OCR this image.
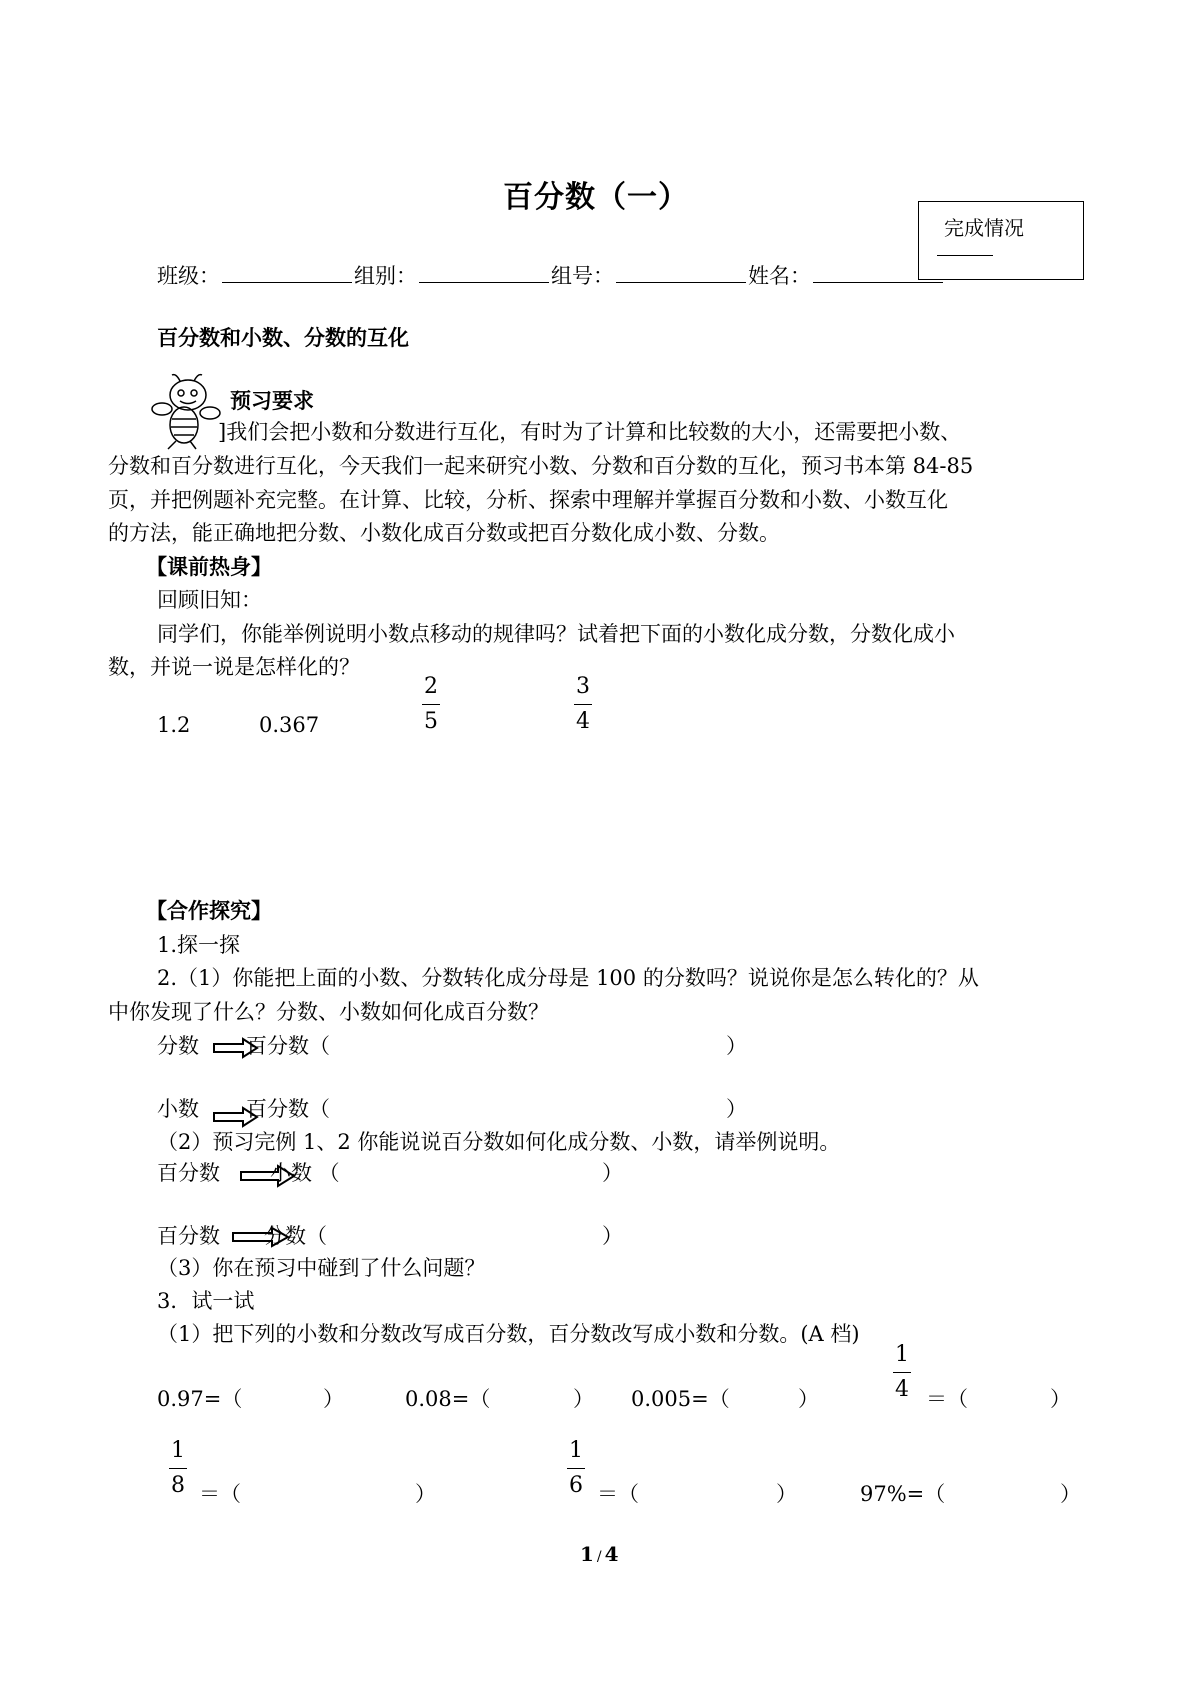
百分数（一）
完成情况
班级：	组别：	组号：	姓名：
百分数和小数、分数的互化
预习要求
]我们会把小数和分数进行互化，有时为了计算和比较数的大小，还需要把小数、
分数和百分数进行互化，今天我们一起来研究小数、分数和百分数的互化，预习书本第 84-85
页，并把例题补充完整。在计算、比较，分析、探索中理解并掌握百分数和小数、小数互化
的方法，能正确地把分数、小数化成百分数或把百分数化成小数、分数。
【课前热身】
回顾旧知：
同学们，你能举例说明小数点移动的规律吗？试着把下面的小数化成分数，分数化成小
数，并说一说是怎样化的？
1.2	0.367
2
5
3
4
【合作探究】
1.探一探
2.（1）你能把上面的小数、分数转化成分母是 100 的分数吗？说说你是怎么转化的？从
中你发现了什么？分数、小数如何化成百分数？
分数 百分数（	）
小数 百分数（	）
（2）预习完例 1、2 你能说说百分数如何化成分数、小数，请举例说明。
百分数 小数 （	）
百分数 分数（	）
（3）你在预习中碰到了什么问题？
3．试一试
（1）把下列的小数和分数改写成百分数，百分数改写成小数和分数。(A 档)
0.97=（	）	0.08=（	） 0.005=（	）
1
4 ＝（	）
1
8 ＝（	）
1
6 ＝（	）	97%=（	）
1 / 4
